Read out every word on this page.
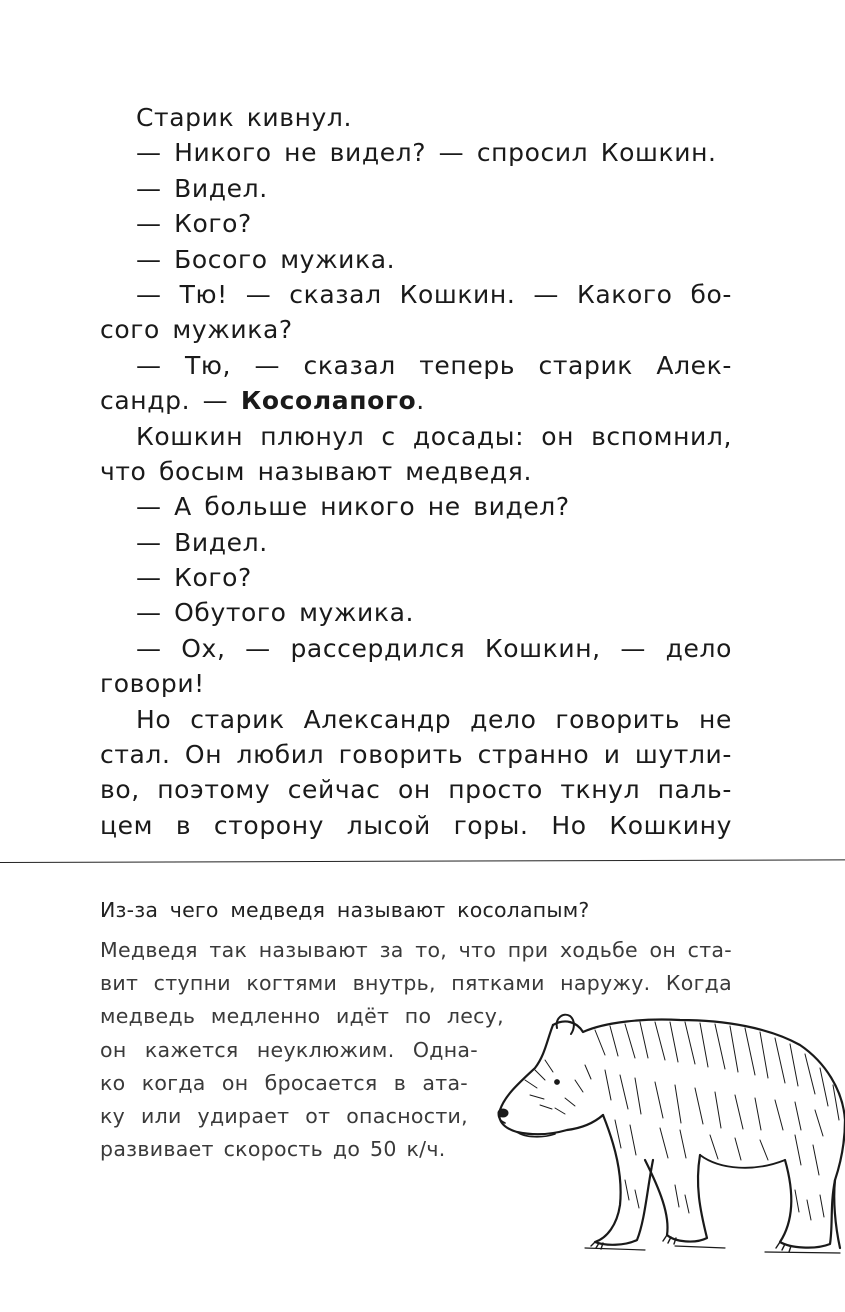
Старик кивнул.
— Никого не видел? — спросил Кошкин.
— Видел.
— Кого?
— Босого мужика.
— Тю! — сказал Кошкин. — Какого бо-
сого мужика?
— Тю, — сказал теперь старик Алек-
сандр. — Косолапого.
Кошкин плюнул с досады: он вспомнил,
что босым называют медведя.
— А больше никого не видел?
— Видел.
— Кого?
— Обутого мужика.
— Ох, — рассердился Кошкин, — дело
говори!
Но старик Александр дело говорить не
стал. Он любил говорить странно и шутли-
во, поэтому сейчас он просто ткнул паль-
цем в сторону лысой горы. Но Кошкину
Из-за чего медведя называют косолапым?
Медведя так называют за то, что при ходьбе он ста-
вит ступни когтями внутрь, пятками наружу. Когда
медведь медленно идёт по лесу,
он кажется неуклюжим. Одна-
ко когда он бросается в ата-
ку или удирает от опасности,
развивает скорость до 50 к/ч.
